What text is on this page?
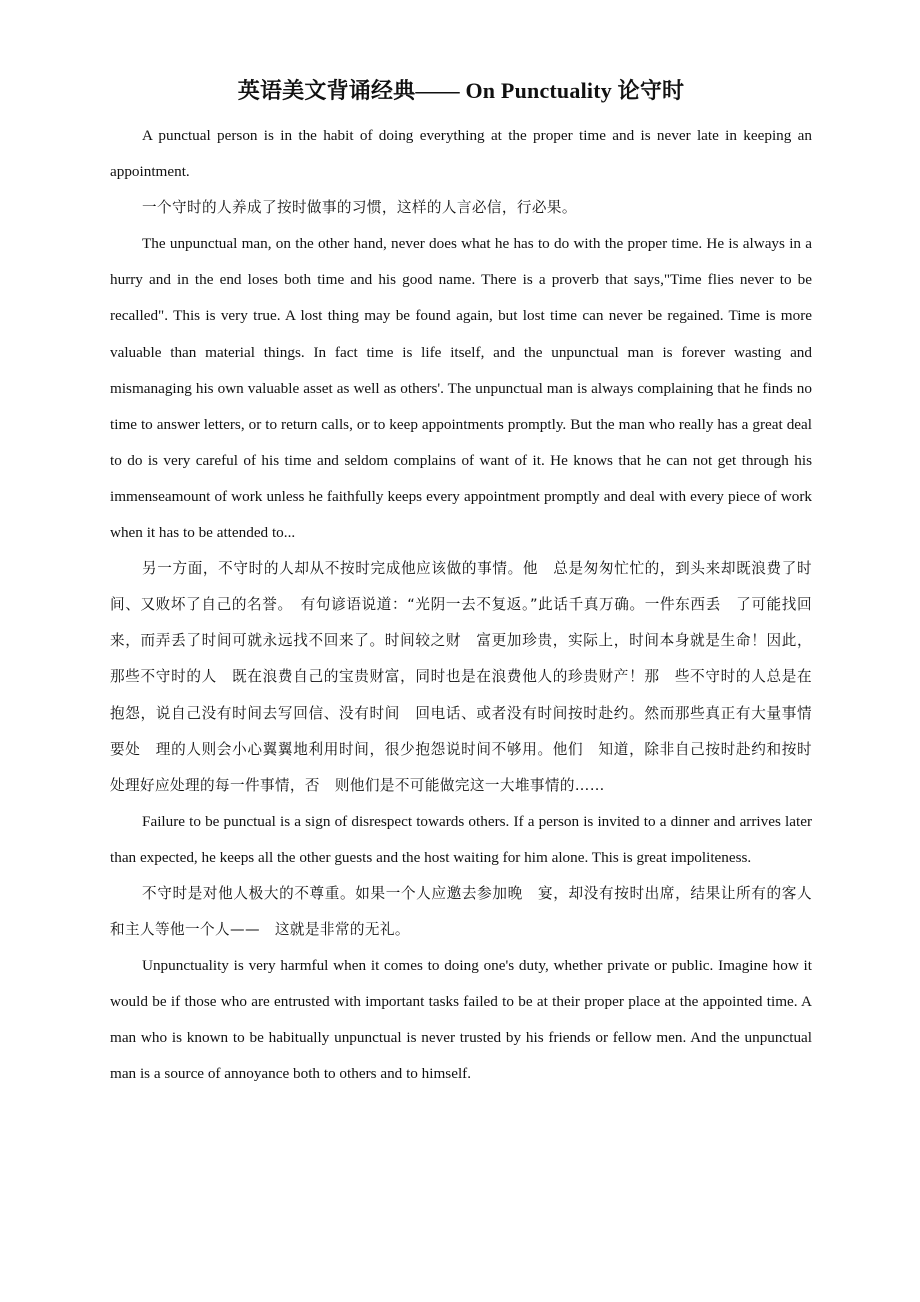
英语美文背诵经典—— On Punctuality 论守时

A punctual person is in the habit of doing everything at the proper time and is never late in keeping an appointment.

一个守时的人养成了按时做事的习惯，这样的人言必信，行必果。

The unpunctual man, on the other hand, never does what he has to do with the proper time. He is always in a hurry and in the end loses both time and his good name. There is a proverb that says,"Time flies never to be recalled". This is very true. A lost thing may be found again, but lost time can never be regained. Time is more valuable than material things. In fact time is life itself, and the unpunctual man is forever wasting and mismanaging his own valuable asset as well as others'. The unpunctual man is always complaining that he finds no time to answer letters, or to return calls, or to keep appointments promptly. But the man who really has a great deal to do is very careful of his time and seldom complains of want of it. He knows that he can not get through his immenseamount of work unless he faithfully keeps every appointment promptly and deal with every piece of work when it has to be attended to...

另一方面，不守时的人却从不按时完成他应该做的事情。他　总是匆匆忙忙的，到头来却既浪费了时间、又败坏了自己的名誉。　有句谚语说道：“光阴一去不复返。”此话千真万确。一件东西丢　了可能找回来，而弄丢了时间可就永远找不回来了。时间较之财　富更加珍贵，实际上，时间本身就是生命！因此，那些不守时的人　既在浪费自己的宝贵财富，同时也是在浪费他人的珍贵财产！那　些不守时的人总是在抱怨，说自己没有时间去写回信、没有时间　回电话、或者没有时间按时赴约。然而那些真正有大量事情要处　理的人则会小心翼翼地利用时间，很少抱怨说时间不够用。他们　知道，除非自己按时赴约和按时处理好应处理的每一件事情，否　则他们是不可能做完这一大堆事情的……

Failure to be punctual is a sign of disrespect towards others. If a person is invited to a dinner and arrives later than expected, he keeps all the other guests and the host waiting for him alone. This is great impoliteness.

不守时是对他人极大的不尊重。如果一个人应邀去参加晚　宴，却没有按时出席，结果让所有的客人和主人等他一个人——　这就是非常的无礼。

Unpunctuality is very harmful when it comes to doing one's duty, whether private or public. Imagine how it would be if those who are entrusted with important tasks failed to be at their proper place at the appointed time. A man who is known to be habitually unpunctual is never trusted by his friends or fellow men. And the unpunctual man is a source of annoyance both to others and to himself.
